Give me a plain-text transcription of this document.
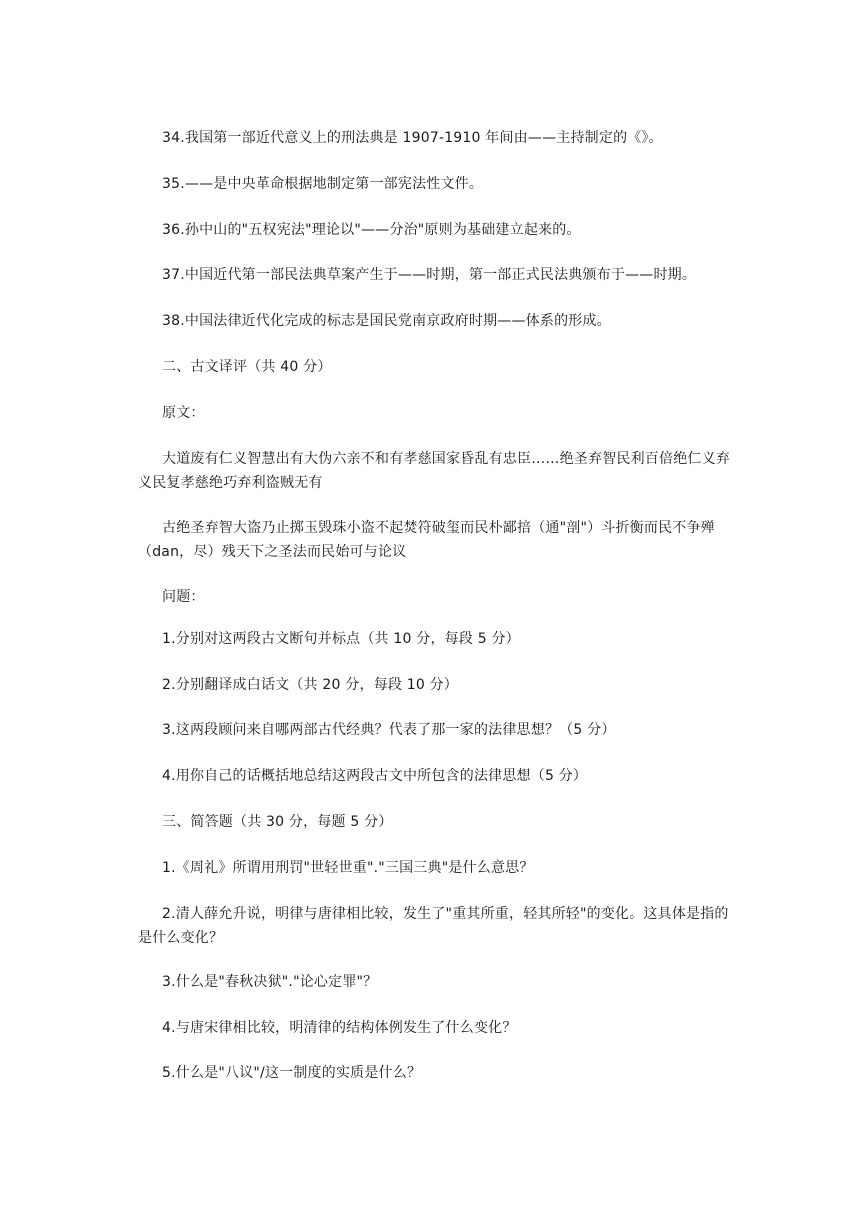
34.我国第一部近代意义上的刑法典是 1907-1910 年间由——主持制定的《》。
35.——是中央革命根据地制定第一部宪法性文件。
36.孙中山的"五权宪法"理论以"——分治"原则为基础建立起来的。
37.中国近代第一部民法典草案产生于——时期，第一部正式民法典颁布于——时期。
38.中国法律近代化完成的标志是国民党南京政府时期——体系的形成。
二、古文译评（共 40 分）
原文：
大道废有仁义智慧出有大伪六亲不和有孝慈国家昏乱有忠臣……绝圣弃智民利百倍绝仁义弃义民复孝慈绝巧弃利盗贼无有
古绝圣弃智大盗乃止掷玉毁珠小盗不起焚符破玺而民朴鄙掊（通"剖"）斗折衡而民不争殚（dan，尽）残天下之圣法而民始可与论议
问题：
1.分别对这两段古文断句并标点（共 10 分，每段 5 分）
2.分别翻译成白话文（共 20 分，每段 10 分）
3.这两段顾问来自哪两部古代经典？代表了那一家的法律思想？（5 分）
4.用你自己的话概括地总结这两段古文中所包含的法律思想（5 分）
三、简答题（共 30 分，每题 5 分）
1.《周礼》所谓用刑罚"世轻世重"."三国三典"是什么意思？
2.清人薛允升说，明律与唐律相比较，发生了"重其所重，轻其所轻"的变化。这具体是指的是什么变化？
3.什么是"春秋决狱"."论心定罪"？
4.与唐宋律相比较，明清律的结构体例发生了什么变化？
5.什么是"八议"/这一制度的实质是什么？
